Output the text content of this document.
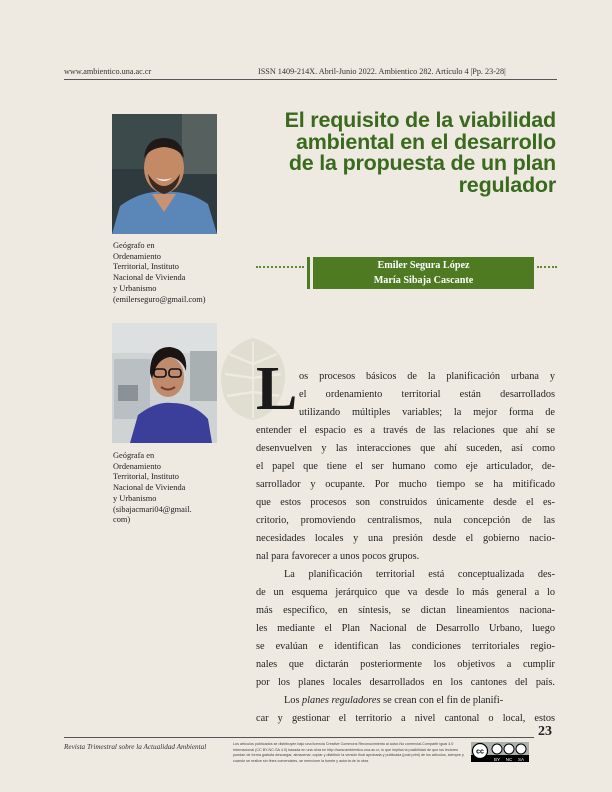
www.ambientico.una.ac.cr	ISSN 1409-214X. Abril-Junio 2022. Ambientico 282. Artículo 4 |Pp. 23-28|
Geógrafo en
Ordenamiento
Territorial, Instituto
Nacional de Vivienda
y Urbanismo
(emilerseguro@gmail.com)
Geógrafa en
Ordenamiento
Territorial, Instituto
Nacional de Vivienda
y Urbanismo
(sibajacmari04@gmail.
com)
El requisito de la viabilidad
ambiental en el desarrollo
de la propuesta de un plan
regulador
Emiler Segura López
María Sibaja Cascante
L os procesos básicos de la planificación urbana y
el ordenamiento territorial están desarrollados
utilizando múltiples variables; la mejor forma de
entender el espacio es a través de las relaciones que ahí se
desenvuelven y las interacciones que ahí suceden, así como
el papel que tiene el ser humano como eje articulador, de-
sarrollador y ocupante. Por mucho tiempo se ha mitificado
que estos procesos son construidos únicamente desde el es-
critorio, promoviendo centralismos, nula concepción de las
necesidades locales y una presión desde el gobierno nacio-
nal para favorecer a unos pocos grupos.
La planificación territorial está conceptualizada des-
de un esquema jerárquico que va desde lo más general a lo
más específico, en síntesis, se dictan lineamientos naciona-
les mediante el Plan Nacional de Desarrollo Urbano, luego
se evalúan e identifican las condiciones territoriales regio-
nales que dictarán posteriormente los objetivos a cumplir
por los planes locales desarrollados en los cantones del país.
Los planes reguladores se crean con el fin de planifi-
car y gestionar el territorio a nivel cantonal o local, estos
23
Revista Trimestral sobre la Actualidad Ambiental	Los artículos publicados se distribuyen bajo una licencia Creative Commons Reconocimiento al autor-No comercial-Compartir igual 4.0 Internacional (CC BY-NC-SA 4.0) basada en una obra en http://www.ambientico.una.ac.cr, lo que implica la posibilidad de que los lectores puedan de forma gratuita descargar, almacenar, copiar y distribuir la versión final aprobada y publicada (post print) de los artículos, siempre y cuando se realice sin fines comerciales, se mencione la fuente y autoría de la obra.
cc
BY NC SA
